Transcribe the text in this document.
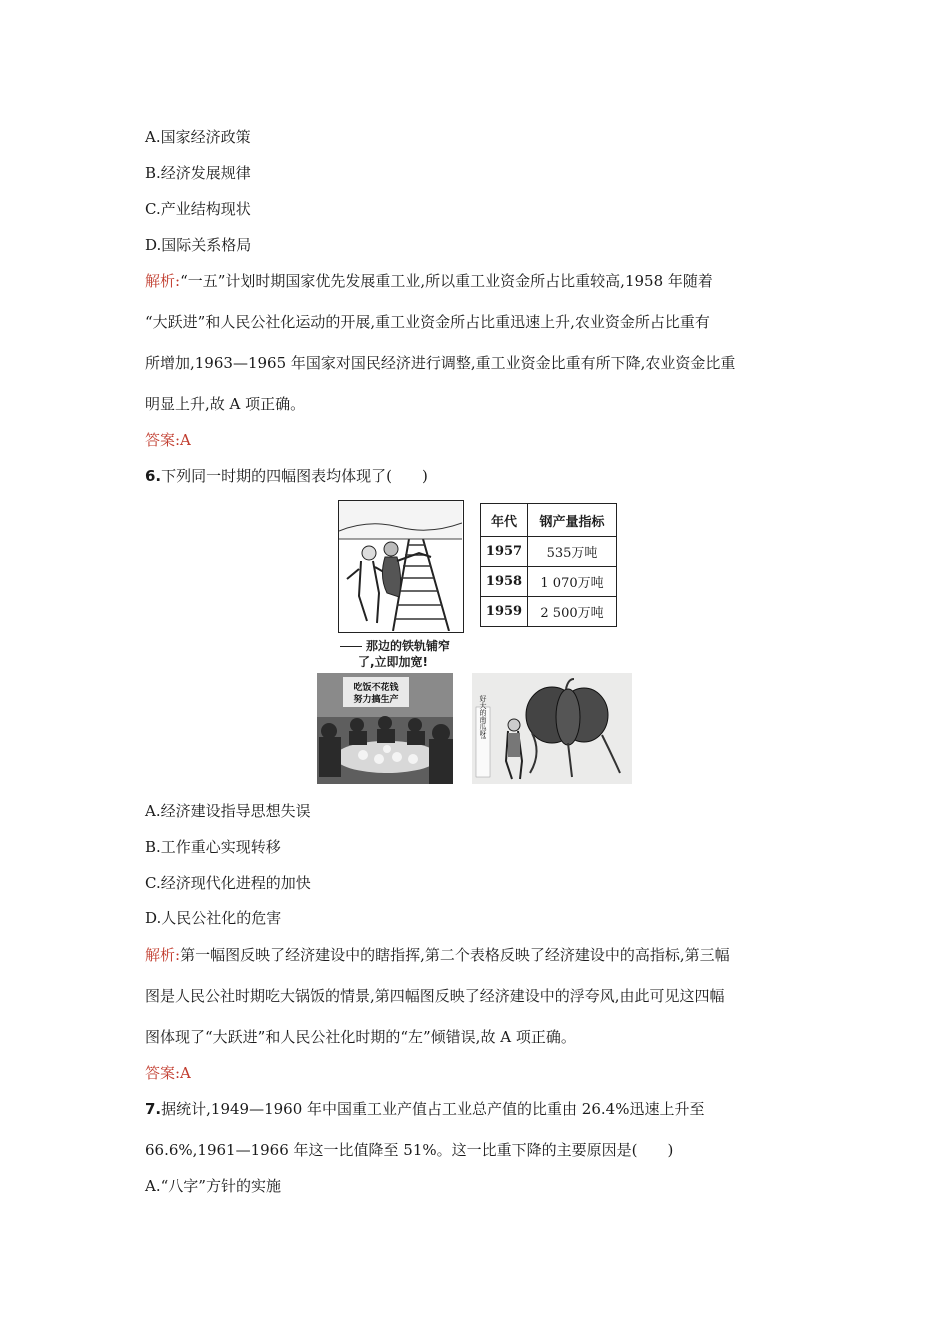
A.国家经济政策
B.经济发展规律
C.产业结构现状
D.国际关系格局
解析:“一五”计划时期国家优先发展重工业,所以重工业资金所占比重较高,1958 年随着
“大跃进”和人民公社化运动的开展,重工业资金所占比重迅速上升,农业资金所占比重有
所增加,1963—1965 年国家对国民经济进行调整,重工业资金比重有所下降,农业资金比重
明显上升,故 A 项正确。
答案:A
6.下列同一时期的四幅图表均体现了(　　)
那边的铁轨铺窄
了,立即加宽!
年代	钢产量指标
1957	535万吨
1958	1 070万吨
1959	2 500万吨
吃饭不花钱
努力搞生产	好大的南瓜呀!
A.经济建设指导思想失误
B.工作重心实现转移
C.经济现代化进程的加快
D.人民公社化的危害
解析:第一幅图反映了经济建设中的瞎指挥,第二个表格反映了经济建设中的高指标,第三幅
图是人民公社时期吃大锅饭的情景,第四幅图反映了经济建设中的浮夸风,由此可见这四幅
图体现了“大跃进”和人民公社化时期的“左”倾错误,故 A 项正确。
答案:A
7.据统计,1949—1960 年中国重工业产值占工业总产值的比重由 26.4%迅速上升至
66.6%,1961—1966 年这一比值降至 51%。这一比重下降的主要原因是(　　)
A.“八字”方针的实施
